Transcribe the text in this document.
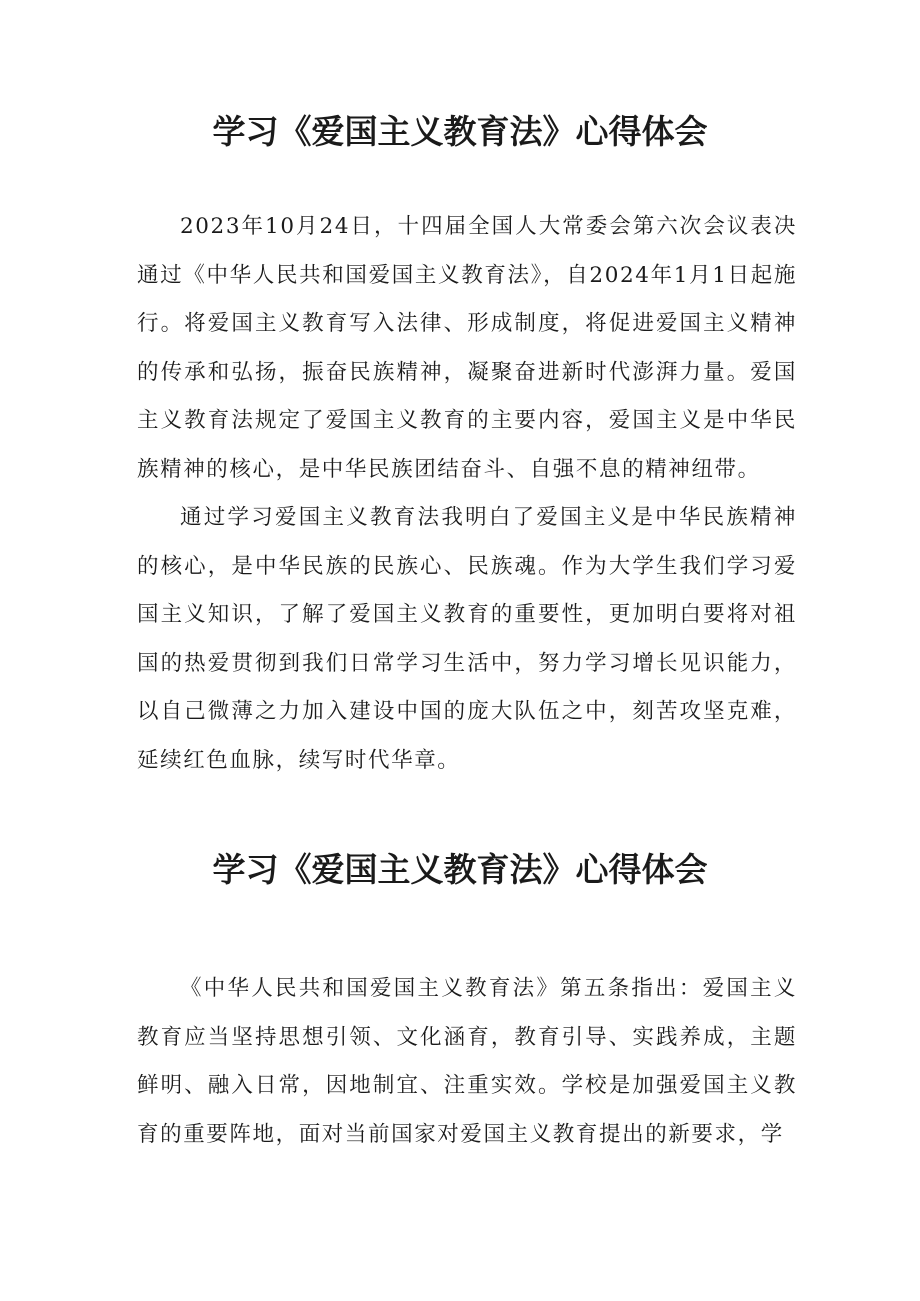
学习《爱国主义教育法》心得体会

2023年10月24日，十四届全国人大常委会第六次会议表决通过《中华人民共和国爱国主义教育法》，自2024年1月1日起施行。将爱国主义教育写入法律、形成制度，将促进爱国主义精神的传承和弘扬，振奋民族精神，凝聚奋进新时代澎湃力量。爱国主义教育法规定了爱国主义教育的主要内容，爱国主义是中华民族精神的核心，是中华民族团结奋斗、自强不息的精神纽带。

通过学习爱国主义教育法我明白了爱国主义是中华民族精神的核心，是中华民族的民族心、民族魂。作为大学生我们学习爱国主义知识，了解了爱国主义教育的重要性，更加明白要将对祖国的热爱贯彻到我们日常学习生活中，努力学习增长见识能力，以自己微薄之力加入建设中国的庞大队伍之中，刻苦攻坚克难，延续红色血脉，续写时代华章。

学习《爱国主义教育法》心得体会

《中华人民共和国爱国主义教育法》第五条指出：爱国主义教育应当坚持思想引领、文化涵育，教育引导、实践养成，主题鲜明、融入日常，因地制宜、注重实效。学校是加强爱国主义教育的重要阵地，面对当前国家对爱国主义教育提出的新要求，学
